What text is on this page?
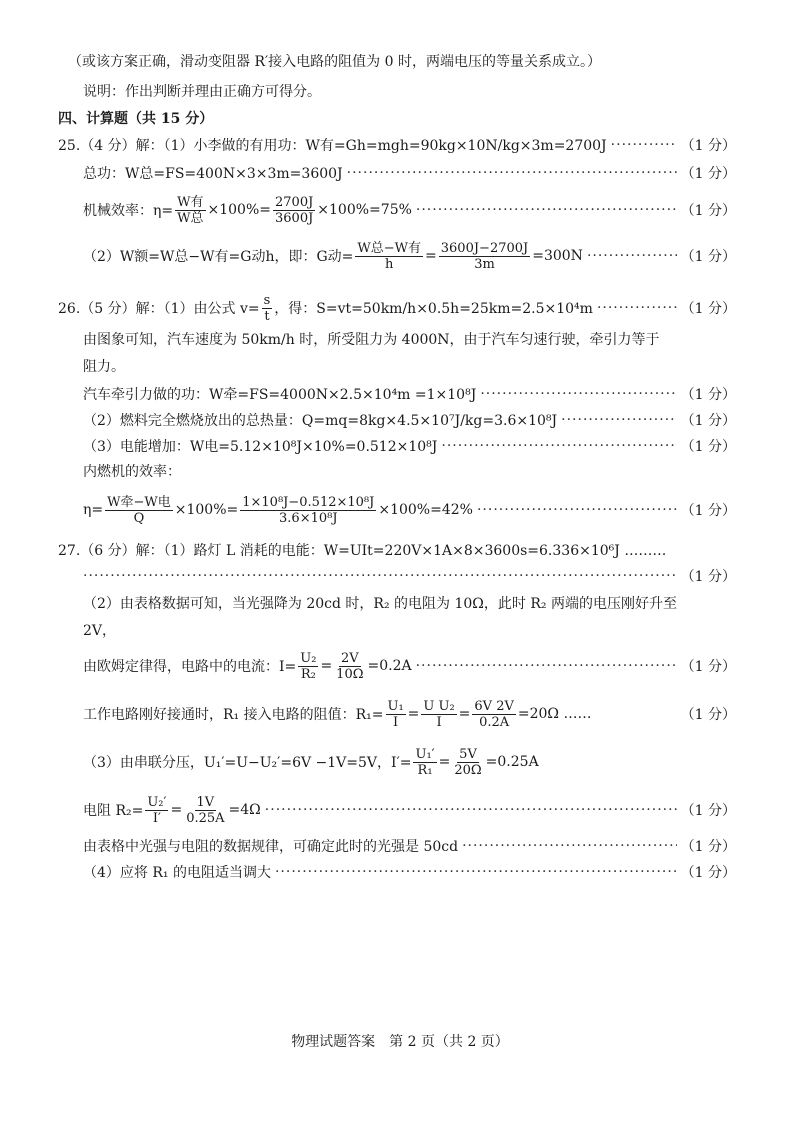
（或该方案正确，滑动变阻器 R′接入电路的阻值为 0 时，两端电压的等量关系成立。）
说明：作出判断并理由正确方可得分。
四、计算题（共 15 分）
25.（4 分）解：（1）小李做的有用功：W有=Gh=mgh=90kg×10N/kg×3m=2700J ·····	（1 分）
总功：W总=FS=400N×3×3m=3600J ·····	（1 分）
机械效率：$\eta= \frac{\text{W有}}{\text{W总}} \times 100\%= \frac{2700J}{3600J} \times 100\%=75\%$ ·····	（1 分）
（2）W额=W总−W有=G动h，即：G动= $\frac{\text{W总−W有}}{h} = \frac{3600J-2700J}{3m} =300N$ ·····	（1 分）
26.（5 分）解：（1）由公式 $v= \frac{s}{t}$ ，得：S=vt=50km/h×0.5h=25km=2.5×10⁴m ·····	（1 分）
由图象可知，汽车速度为 50km/h 时，所受阻力为 4000N，由于汽车匀速行驶，牵引力等于
阻力。
汽车牵引力做的功：W牵=FS=4000N×2.5×10⁴m =1×10⁸J ·····	（1 分）
（2）燃料完全燃烧放出的总热量：Q=mq=8kg×4.5×10⁷J/kg=3.6×10⁸J ·····	（1 分）
（3）电能增加：W电=5.12×10⁸J×10%=0.512×10⁸J ·····	（1 分）
内燃机的效率：
$\eta= \frac{\text{W牵−W电}}{Q} \times 100\%= \frac{\text{1×10⁸J−0.512×10⁸J}}{\text{3.6×10⁸J}} \times 100\%=42\%$ ·····	（1 分）
27.（6 分）解：（1）路灯 L 消耗的电能：W=UIt=220V×1A×8×3600s=6.336×10⁶J ………
·····
（1 分）
（2）由表格数据可知，当光强降为 20cd 时，R₂ 的电阻为 10Ω，此时 R₂ 两端的电压刚好升至
2V，
由欧姆定律得，电路中的电流：$I= \frac{\text{U₂}}{\text{R₂}} = \frac{2V}{10\Omega} =0.2A$ ·····	（1 分）
工作电路刚好接通时，R₁ 接入电路的阻值：$R_1= \frac{\text{U₁}}{I} = \frac{\text{U U₂}}{I} = \frac{6V 2V}{0.2A} =20\Omega$ ……	（1 分）
（3）由串联分压，U₁′=U−U₂′=6V −1V=5V，$I'= \frac{\text{U₁′}}{\text{R₁}} = \frac{5V}{20\Omega} =0.25A$
电阻 $R_2= \frac{\text{U₂′}}{I'} = \frac{1V}{0.25A} =4\Omega$ ·····	（1 分）
由表格中光强与电阻的数据规律，可确定此时的光强是 50cd ·····	（1 分）
（4）应将 R₁ 的电阻适当调大 ·····	（1 分）
物理试题答案　第 2 页（共 2 页）
